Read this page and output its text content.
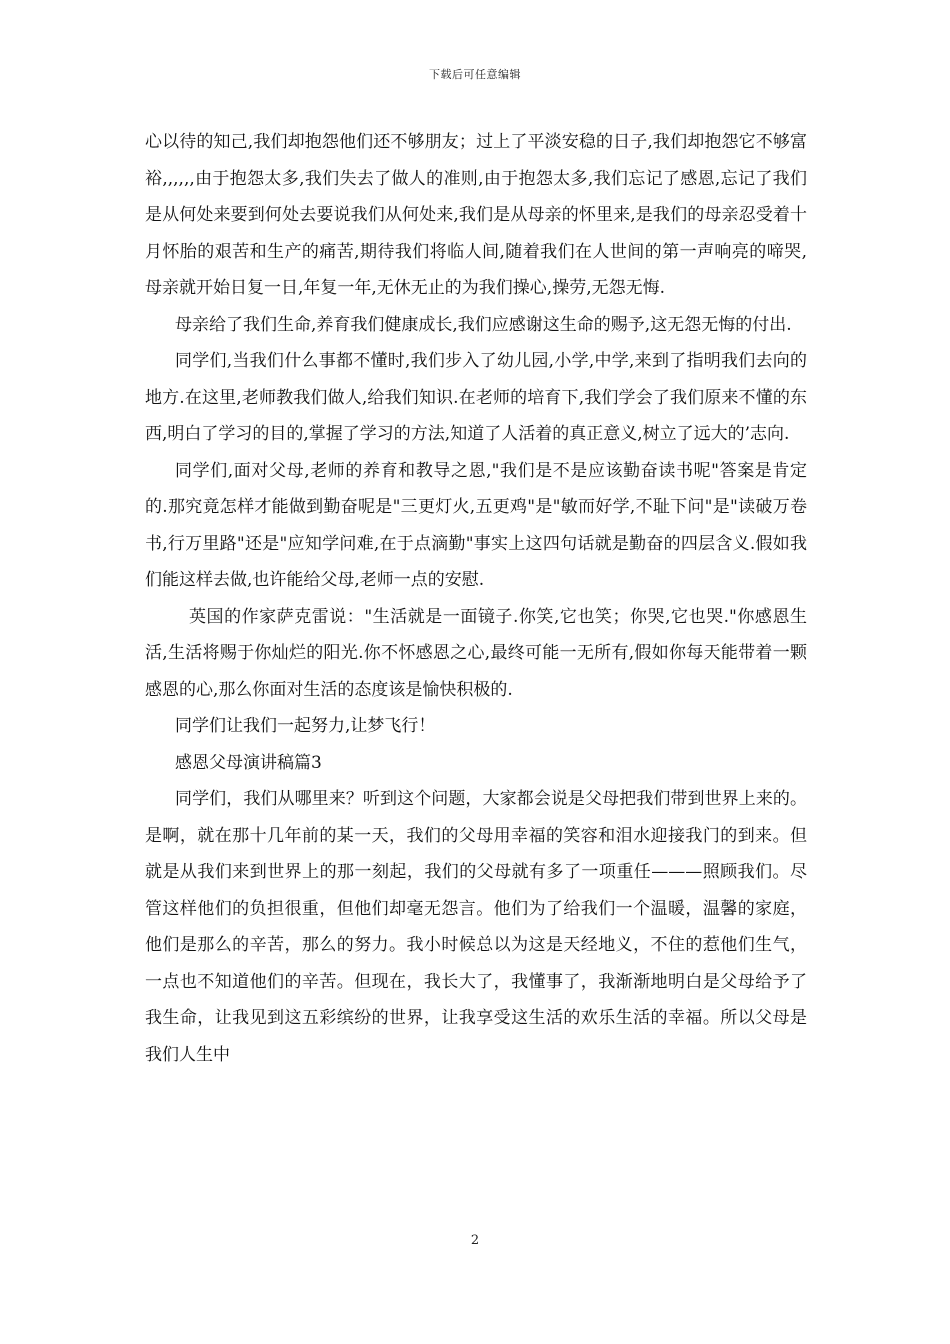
下载后可任意编辑

心以待的知己,我们却抱怨他们还不够朋友；过上了平淡安稳的日子,我们却抱怨它不够富裕,,,,,,由于抱怨太多,我们失去了做人的准则,由于抱怨太多,我们忘记了感恩,忘记了我们是从何处来要到何处去要说我们从何处来,我们是从母亲的怀里来,是我们的母亲忍受着十月怀胎的艰苦和生产的痛苦,期待我们将临人间,随着我们在人世间的第一声响亮的啼哭,母亲就开始日复一日,年复一年,无休无止的为我们操心,操劳,无怨无悔.

母亲给了我们生命,养育我们健康成长,我们应感谢这生命的赐予,这无怨无悔的付出.

同学们,当我们什么事都不懂时,我们步入了幼儿园,小学,中学,来到了指明我们去向的地方.在这里,老师教我们做人,给我们知识.在老师的培育下,我们学会了我们原来不懂的东西,明白了学习的目的,掌握了学习的方法,知道了人活着的真正意义,树立了远大的’志向.

同学们,面对父母,老师的养育和教导之恩,"我们是不是应该勤奋读书呢"答案是肯定的.那究竟怎样才能做到勤奋呢是"三更灯火,五更鸡"是"敏而好学,不耻下问"是"读破万卷书,行万里路"还是"应知学问难,在于点滴勤"事实上这四句话就是勤奋的四层含义.假如我们能这样去做,也许能给父母,老师一点的安慰.

英国的作家萨克雷说："生活就是一面镜子.你笑,它也笑；你哭,它也哭."你感恩生活,生活将赐于你灿烂的阳光.你不怀感恩之心,最终可能一无所有,假如你每天能带着一颗感恩的心,那么你面对生活的态度该是愉快积极的.

同学们让我们一起努力,让梦飞行！

感恩父母演讲稿篇3

同学们，我们从哪里来？听到这个问题，大家都会说是父母把我们带到世界上来的。是啊，就在那十几年前的某一天，我们的父母用幸福的笑容和泪水迎接我门的到来。但就是从我们来到世界上的那一刻起，我们的父母就有多了一项重任———照顾我们。尽管这样他们的负担很重，但他们却毫无怨言。他们为了给我们一个温暖，温馨的家庭，他们是那么的辛苦，那么的努力。我小时候总以为这是天经地义，不住的惹他们生气，一点也不知道他们的辛苦。但现在，我长大了，我懂事了，我渐渐地明白是父母给予了我生命，让我见到这五彩缤纷的世界，让我享受这生活的欢乐生活的幸福。所以父母是我们人生中

2
